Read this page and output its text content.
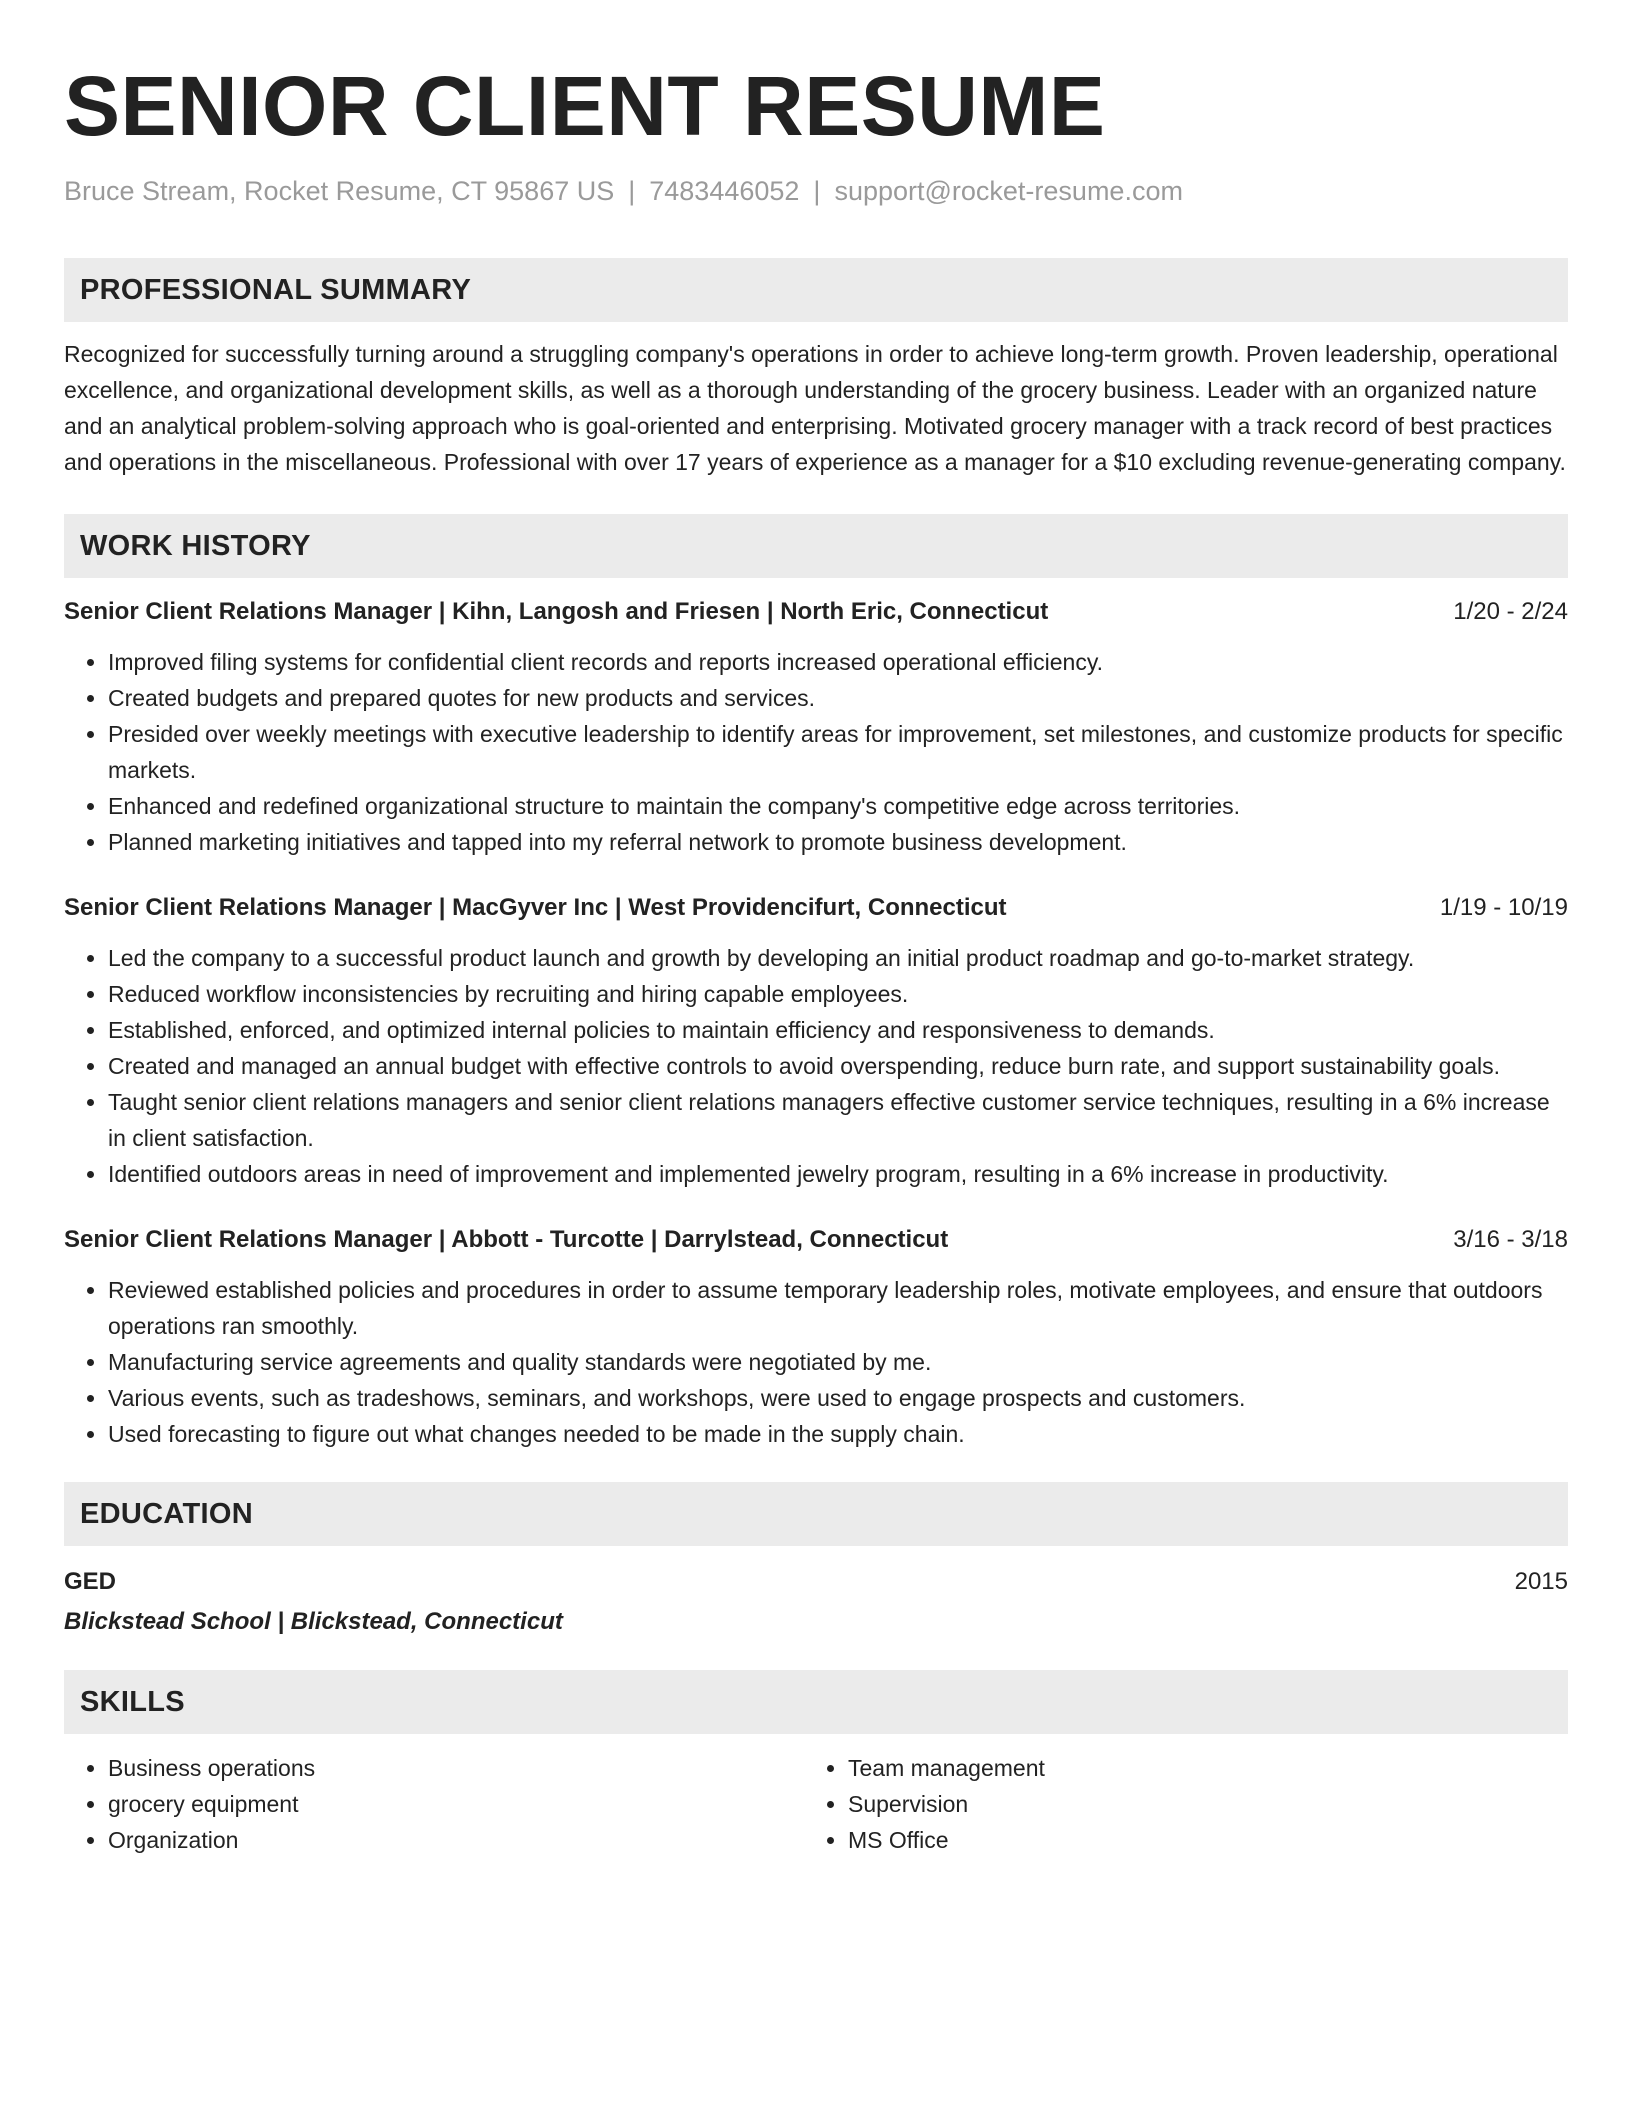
SENIOR CLIENT RESUME
Bruce Stream, Rocket Resume, CT 95867 US | 7483446052 | support@rocket-resume.com
PROFESSIONAL SUMMARY

Recognized for successfully turning around a struggling company's operations in order to achieve long-term growth. Proven leadership, operational excellence, and organizational development skills, as well as a thorough understanding of the grocery business. Leader with an organized nature and an analytical problem-solving approach who is goal-oriented and enterprising. Motivated grocery manager with a track record of best practices and operations in the miscellaneous. Professional with over 17 years of experience as a manager for a $10 excluding revenue-generating company.

WORK HISTORY
Senior Client Relations Manager | Kihn, Langosh and Friesen | North Eric, Connecticut	1/20 - 2/24
• Improved filing systems for confidential client records and reports increased operational efficiency.
• Created budgets and prepared quotes for new products and services.
• Presided over weekly meetings with executive leadership to identify areas for improvement, set milestones, and customize products for specific markets.
• Enhanced and redefined organizational structure to maintain the company's competitive edge across territories.
• Planned marketing initiatives and tapped into my referral network to promote business development.
Senior Client Relations Manager | MacGyver Inc | West Providencifurt, Connecticut	1/19 - 10/19
• Led the company to a successful product launch and growth by developing an initial product roadmap and go-to-market strategy.
• Reduced workflow inconsistencies by recruiting and hiring capable employees.
• Established, enforced, and optimized internal policies to maintain efficiency and responsiveness to demands.
• Created and managed an annual budget with effective controls to avoid overspending, reduce burn rate, and support sustainability goals.
• Taught senior client relations managers and senior client relations managers effective customer service techniques, resulting in a 6% increase in client satisfaction.
• Identified outdoors areas in need of improvement and implemented jewelry program, resulting in a 6% increase in productivity.
Senior Client Relations Manager | Abbott - Turcotte | Darrylstead, Connecticut	3/16 - 3/18
• Reviewed established policies and procedures in order to assume temporary leadership roles, motivate employees, and ensure that outdoors operations ran smoothly.
• Manufacturing service agreements and quality standards were negotiated by me.
• Various events, such as tradeshows, seminars, and workshops, were used to engage prospects and customers.
• Used forecasting to figure out what changes needed to be made in the supply chain.
EDUCATION
GED	2015
Blickstead School | Blickstead, Connecticut
SKILLS
• Business operations
• grocery equipment
• Organization
• Team management
• Supervision
• MS Office
